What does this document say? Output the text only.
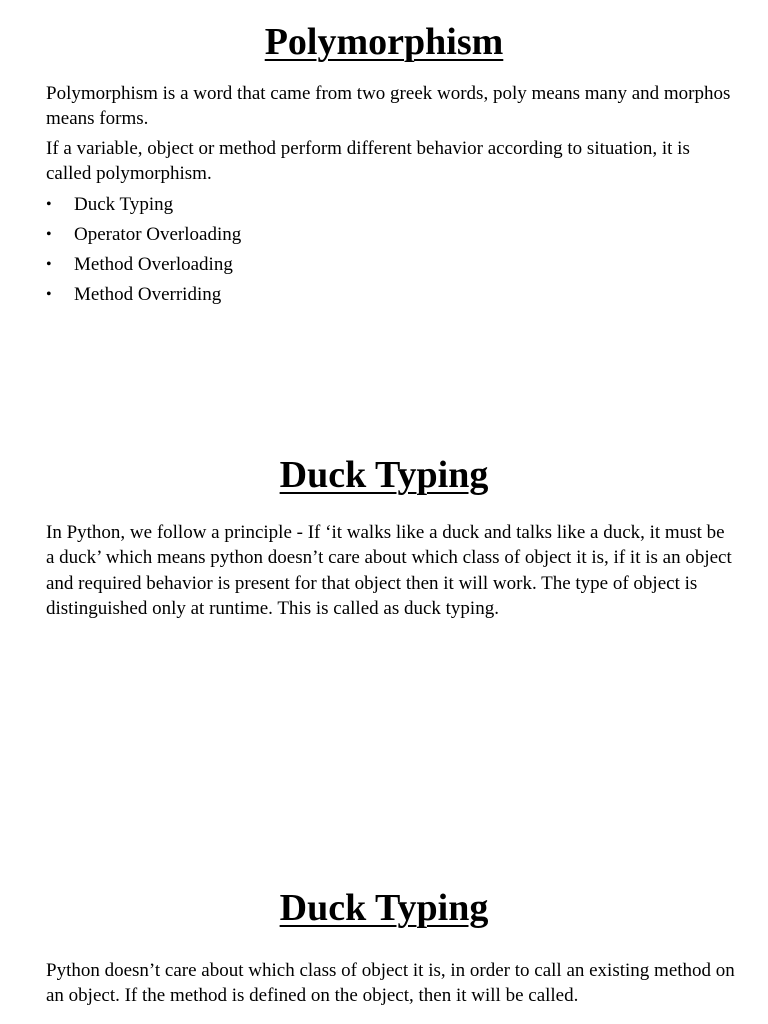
Polymorphism

Polymorphism is a word that came from two greek words, poly means many and morphos means forms.

If a variable, object or method perform different behavior according to situation, it is called polymorphism.

• Duck Typing
• Operator Overloading
• Method Overloading
• Method Overriding
Duck Typing

In Python, we follow a principle - If ‘it walks like a duck and talks like a duck, it must be a duck’ which means python doesn’t care about which class of object it is, if it is an object and required behavior is present for that object then it will work. The type of object is distinguished only at runtime. This is called as duck typing.

Duck Typing

Python doesn’t care about which class of object it is, in order to call an existing method on an object. If the method is defined on the object, then it will be called.
